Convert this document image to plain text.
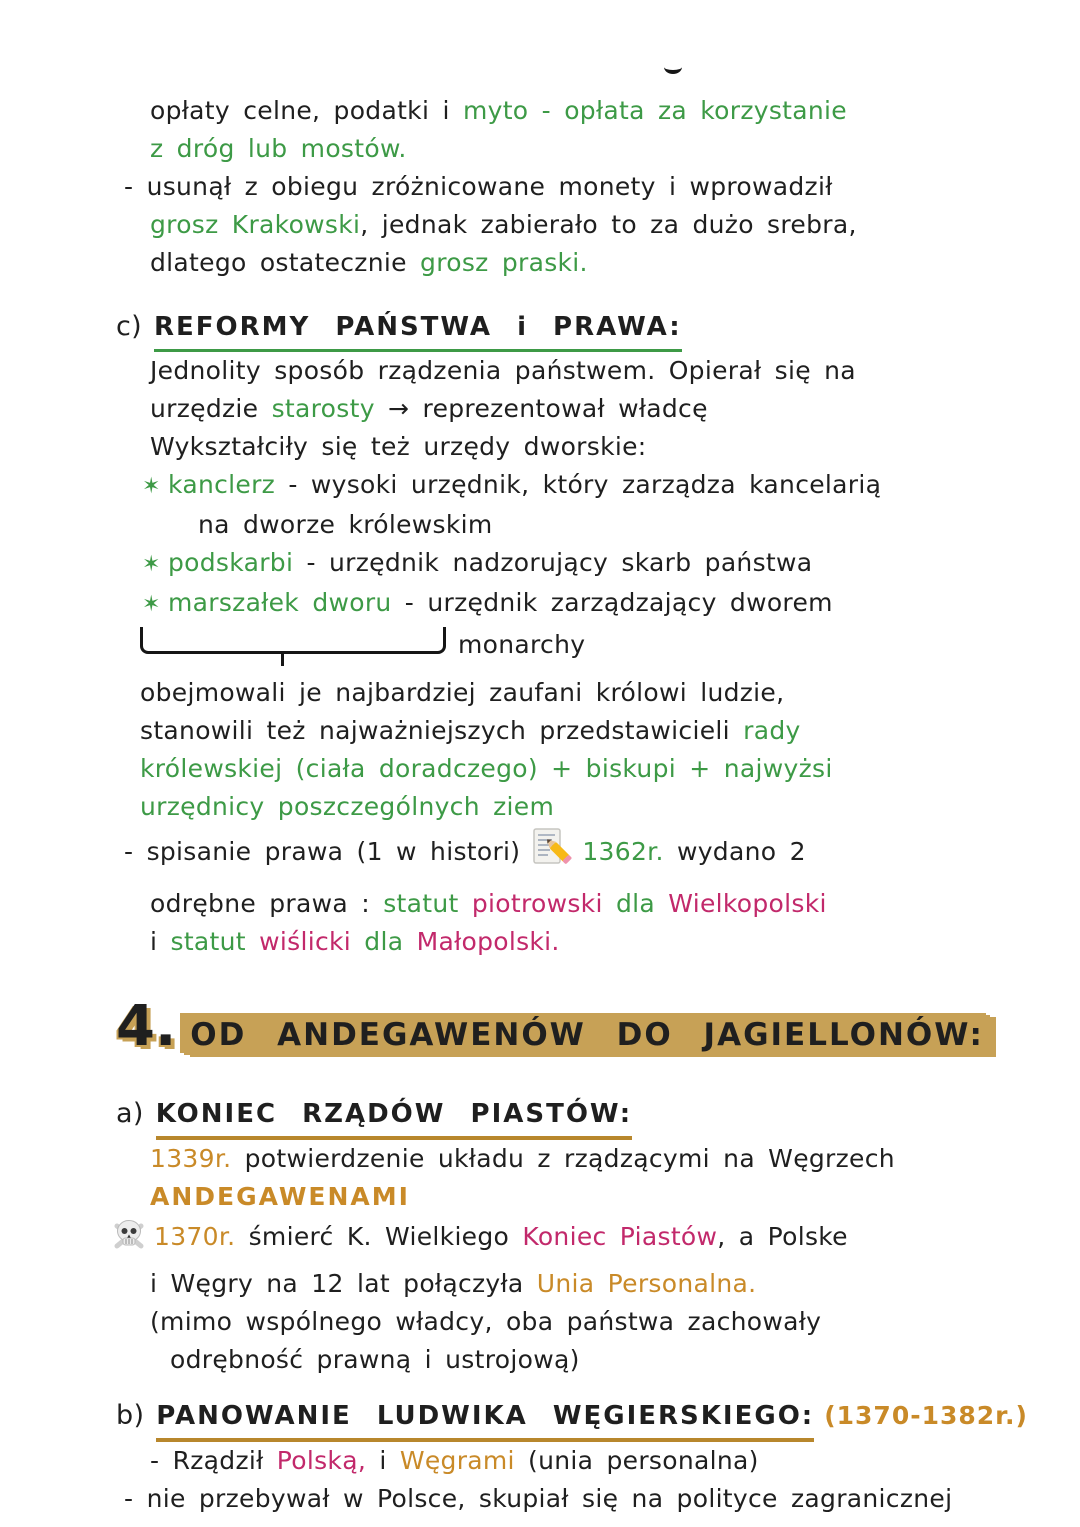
opłaty celne, podatki i myto - opłata za korzystanie
z dróg lub mostów.
- usunął z obiegu zróżnicowane monety i wprowadził
grosz Krakowski, jednak zabierało to za dużo srebra,
dlatego ostatecznie grosz praski.
c) REFORMY PAŃSTWA i PRAWA:
Jednolity sposób rządzenia państwem. Opierał się na
urzędzie starosty → reprezentował władcę
Wykształciły się też urzędy dworskie:
✶ kanclerz - wysoki urzędnik, który zarządza kancelarią
na dworze królewskim
✶ podskarbi - urzędnik nadzorujący skarb państwa
✶ marszałek dworu - urzędnik zarządzający dworem
monarchy
obejmowali je najbardziej zaufani królowi ludzie,
stanowili też najważniejszych przedstawicieli rady
królewskiej (ciała doradczego) + biskupi + najwyżsi
urzędnicy poszczególnych ziem
- spisanie prawa (1 w histori) 1362r. wydano 2
odrębne prawa : statut piotrowski dla Wielkopolski
i statut wiślicki dla Małopolski.
4. OD ANDEGAWENÓW DO JAGIELLONÓW:
a) KONIEC RZĄDÓW PIASTÓW:
1339r. potwierdzenie układu z rządzącymi na Węgrzech
ANDEGAWENAMI
1370r. śmierć K. Wielkiego Koniec Piastów, a Polske
i Węgry na 12 lat połączyła Unia Personalna.
(mimo wspólnego władcy, oba państwa zachowały
odrębność prawną i ustrojową)
b) PANOWANIE LUDWIKA WĘGIERSKIEGO: (1370-1382r.)
- Rządził Polską, i Węgrami (unia personalna)
- nie przebywał w Polsce, skupiał się na polityce zagranicznej
